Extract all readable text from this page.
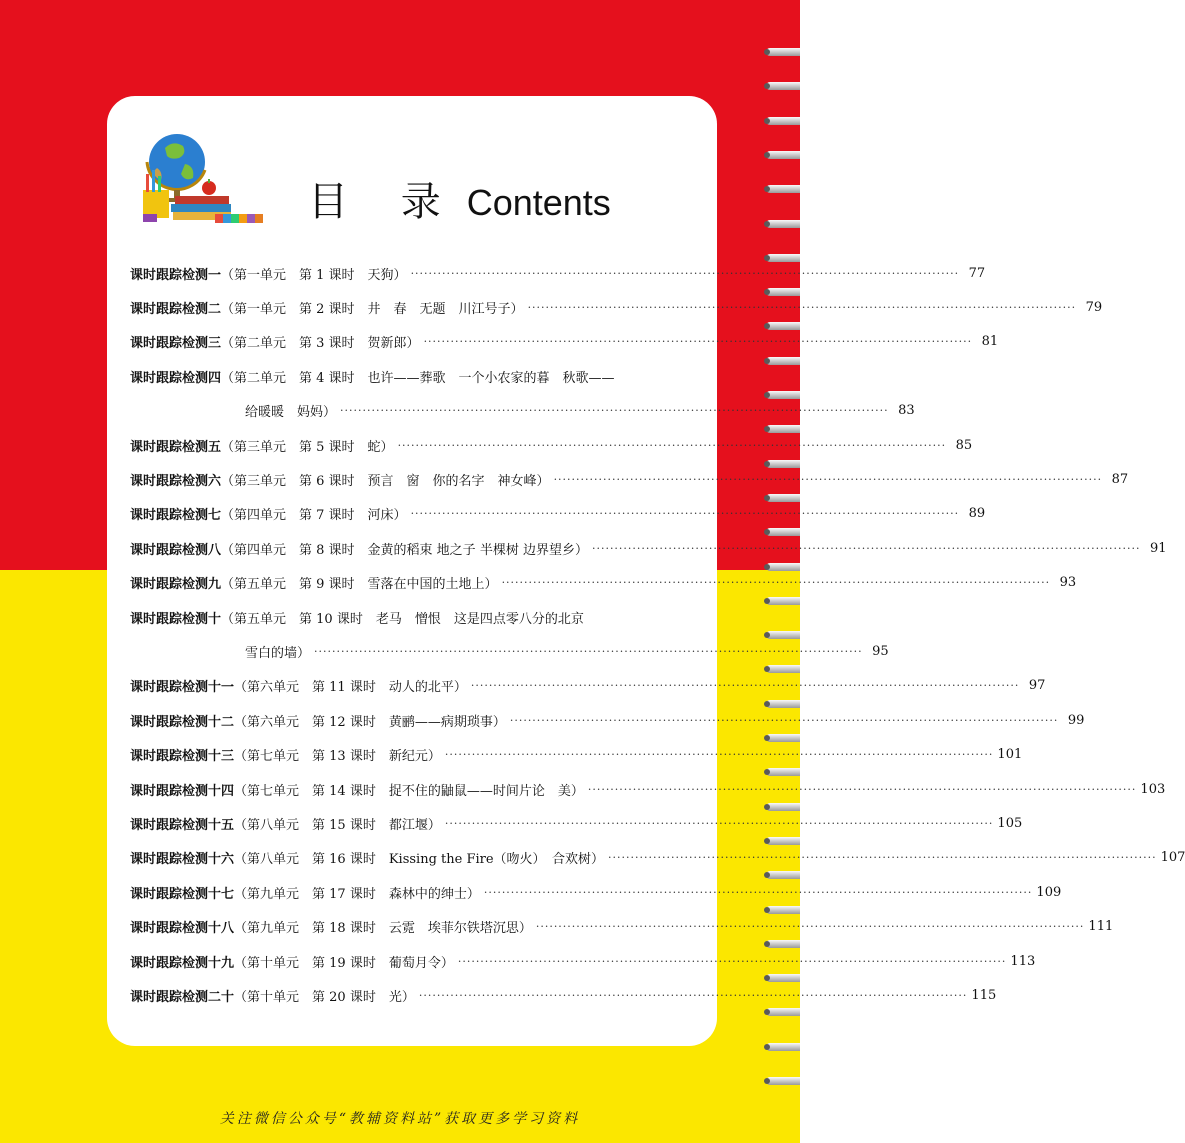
目 录 Contents
课时跟踪检测一 （第一单元　第 1 课时　天狗） ·····	77
课时跟踪检测二 （第一单元　第 2 课时　井　春　无题　川江号子） ·····	79
课时跟踪检测三 （第二单元　第 3 课时　贺新郎） ·····	81
课时跟踪检测四 （第二单元　第 4 课时　也许——葬歌　一个小农家的暮　秋歌——
给暖暖　妈妈） ·····	83
课时跟踪检测五 （第三单元　第 5 课时　蛇） ·····	85
课时跟踪检测六 （第三单元　第 6 课时　预言　窗　你的名字　神女峰） ·····	87
课时跟踪检测七 （第四单元　第 7 课时　河床） ·····	89
课时跟踪检测八 （第四单元　第 8 课时　金黄的稻束 地之子 半棵树 边界望乡） ·····	91
课时跟踪检测九 （第五单元　第 9 课时　雪落在中国的土地上） ·····	93
课时跟踪检测十 （第五单元　第 10 课时　老马　憎恨　这是四点零八分的北京
雪白的墙） ·····	95
课时跟踪检测十一 （第六单元　第 11 课时　动人的北平） ·····	97
课时跟踪检测十二 （第六单元　第 12 课时　黄鹂——病期琐事） ·····	99
课时跟踪检测十三 （第七单元　第 13 课时　新纪元） ·····	101
课时跟踪检测十四 （第七单元　第 14 课时　捉不住的鼬鼠——时间片论　美） ·····	103
课时跟踪检测十五 （第八单元　第 15 课时　都江堰） ·····	105
课时跟踪检测十六 （第八单元　第 16 课时　Kissing the Fire（吻火）　合欢树） ·····	107
课时跟踪检测十七 （第九单元　第 17 课时　森林中的绅士） ·····	109
课时跟踪检测十八 （第九单元　第 18 课时　云霓　埃菲尔铁塔沉思） ·····	111
课时跟踪检测十九 （第十单元　第 19 课时　葡萄月令） ·····	113
课时跟踪检测二十 （第十单元　第 20 课时　光） ·····	115
关注微信公众号“教辅资料站”获取更多学习资料
